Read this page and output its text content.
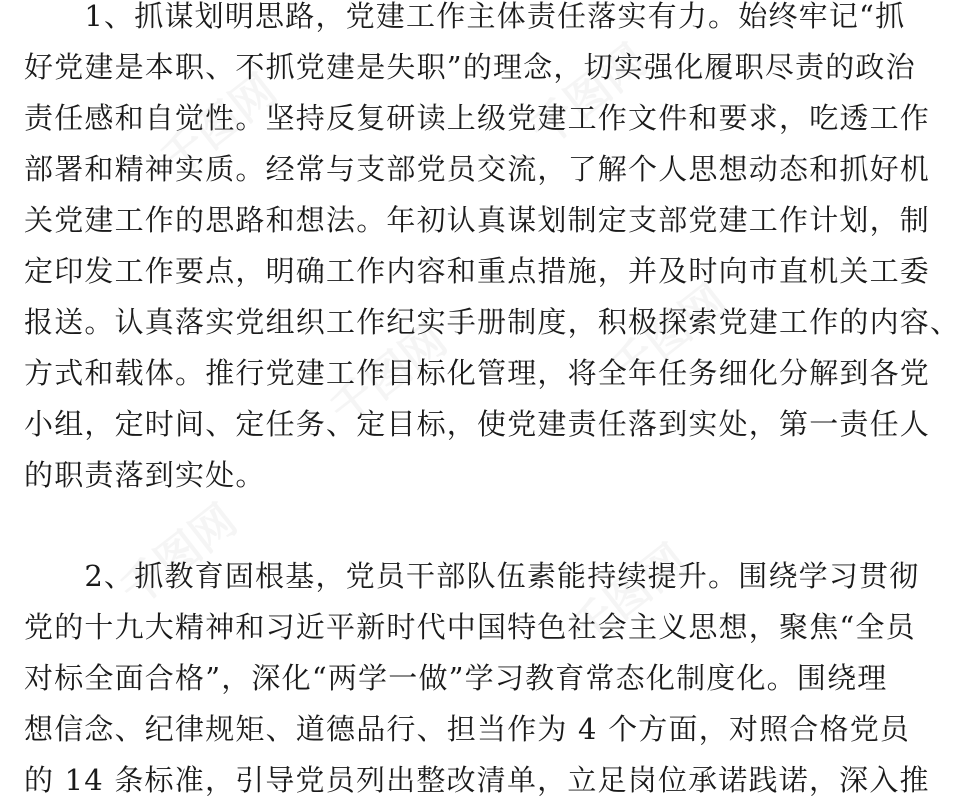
千图网	千图网
千图网	千图网
千图网	千图网
　　1、抓谋划明思路，党建工作主体责任落实有力。始终牢记“抓
好党建是本职、不抓党建是失职”的理念，切实强化履职尽责的政治
责任感和自觉性。坚持反复研读上级党建工作文件和要求，吃透工作
部署和精神实质。经常与支部党员交流，了解个人思想动态和抓好机
关党建工作的思路和想法。年初认真谋划制定支部党建工作计划，制
定印发工作要点，明确工作内容和重点措施，并及时向市直机关工委
报送。认真落实党组织工作纪实手册制度，积极探索党建工作的内容、
方式和载体。推行党建工作目标化管理，将全年任务细化分解到各党
小组，定时间、定任务、定目标，使党建责任落到实处，第一责任人
的职责落到实处。
　　2、抓教育固根基，党员干部队伍素能持续提升。围绕学习贯彻
党的十九大精神和习近平新时代中国特色社会主义思想，聚焦“全员
对标全面合格”，深化“两学一做”学习教育常态化制度化。围绕理
想信念、纪律规矩、道德品行、担当作为 4 个方面，对照合格党员
的 14 条标准，引导党员列出整改清单，立足岗位承诺践诺，深入推
